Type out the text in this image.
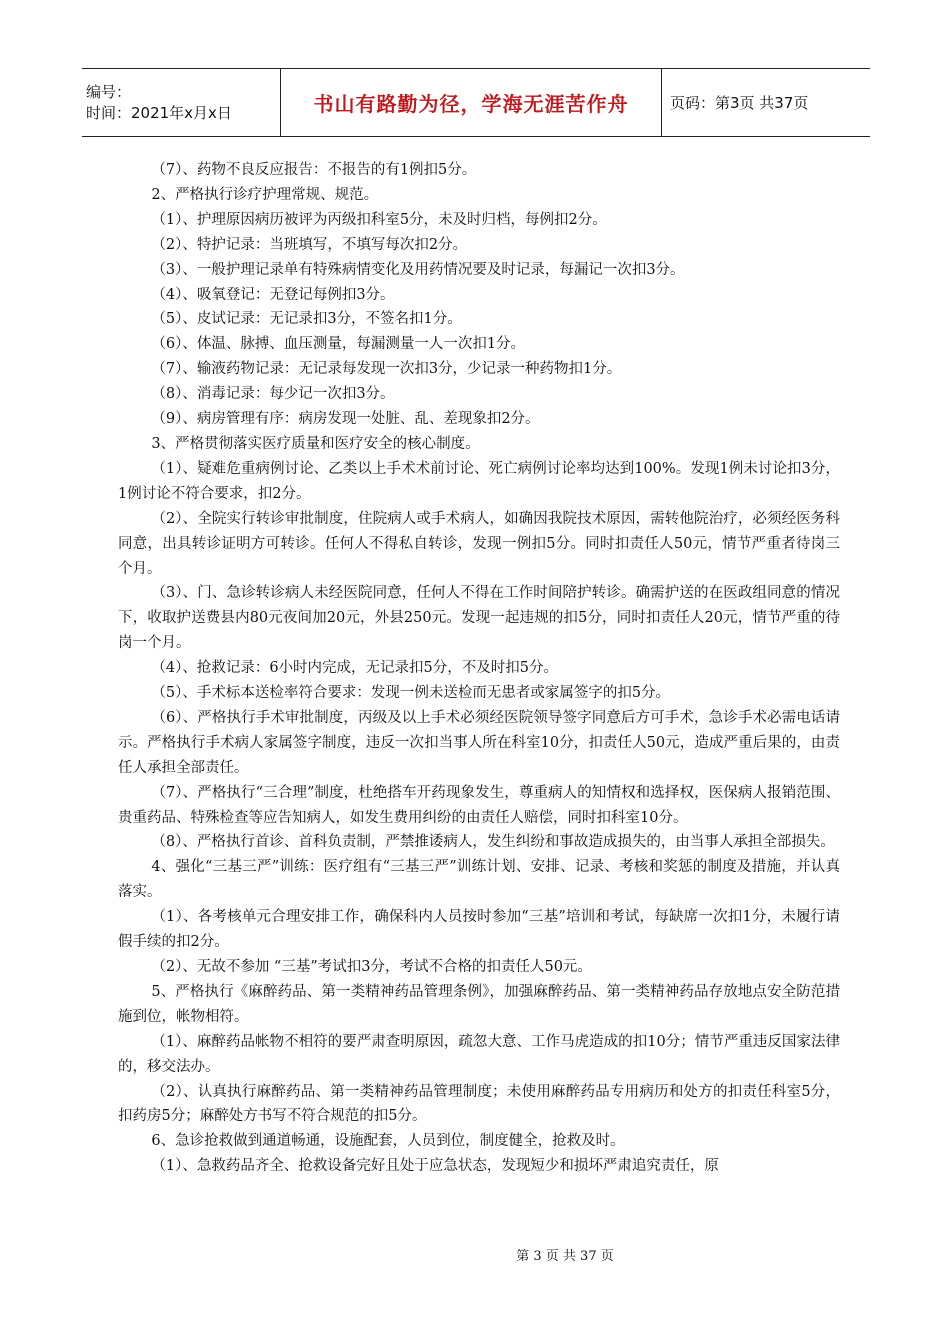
编号：
时间：2021年x月x日	书山有路勤为径，学海无涯苦作舟	页码：第3页 共37页

（7）、药物不良反应报告：不报告的有1例扣5分。

2、严格执行诊疗护理常规、规范。

（1）、护理原因病历被评为丙级扣科室5分，未及时归档，每例扣2分。

（2）、特护记录：当班填写，不填写每次扣2分。

（3）、一般护理记录单有特殊病情变化及用药情况要及时记录，每漏记一次扣3分。

（4）、吸氧登记：无登记每例扣3分。

（5）、皮试记录：无记录扣3分，不签名扣1分。

（6）、体温、脉搏、血压测量，每漏测量一人一次扣1分。

（7）、输液药物记录：无记录每发现一次扣3分，少记录一种药物扣1分。

（8）、消毒记录：每少记一次扣3分。

（9）、病房管理有序：病房发现一处脏、乱、差现象扣2分。

3、严格贯彻落实医疗质量和医疗安全的核心制度。

（1）、疑难危重病例讨论、乙类以上手术术前讨论、死亡病例讨论率均达到100%。发现1例未讨论扣3分，1例讨论不符合要求，扣2分。

（2）、全院实行转诊审批制度，住院病人或手术病人，如确因我院技术原因，需转他院治疗，必须经医务科同意，出具转诊证明方可转诊。任何人不得私自转诊，发现一例扣5分。同时扣责任人50元，情节严重者待岗三个月。

（3）、门、急诊转诊病人未经医院同意，任何人不得在工作时间陪护转诊。确需护送的在医政组同意的情况下，收取护送费县内80元夜间加20元，外县250元。发现一起违规的扣5分，同时扣责任人20元，情节严重的待岗一个月。

（4）、抢救记录：6小时内完成，无记录扣5分，不及时扣5分。

（5）、手术标本送检率符合要求：发现一例未送检而无患者或家属签字的扣5分。

（6）、严格执行手术审批制度，丙级及以上手术必须经医院领导签字同意后方可手术，急诊手术必需电话请示。严格执行手术病人家属签字制度，违反一次扣当事人所在科室10分，扣责任人50元，造成严重后果的，由责任人承担全部责任。

（7）、严格执行“三合理”制度，杜绝搭车开药现象发生，尊重病人的知情权和选择权，医保病人报销范围、贵重药品、特殊检查等应告知病人，如发生费用纠纷的由责任人赔偿，同时扣科室10分。

（8）、严格执行首诊、首科负责制，严禁推诿病人，发生纠纷和事故造成损失的，由当事人承担全部损失。

4、强化“三基三严”训练：医疗组有“三基三严”训练计划、安排、记录、考核和奖惩的制度及措施，并认真落实。

（1）、各考核单元合理安排工作，确保科内人员按时参加“三基”培训和考试，每缺席一次扣1分，未履行请假手续的扣2分。

（2）、无故不参加 “三基”考试扣3分，考试不合格的扣责任人50元。

5、严格执行《麻醉药品、第一类精神药品管理条例》，加强麻醉药品、第一类精神药品存放地点安全防范措施到位，帐物相符。

（1）、麻醉药品帐物不相符的要严肃查明原因，疏忽大意、工作马虎造成的扣10分；情节严重违反国家法律的，移交法办。

（2）、认真执行麻醉药品、第一类精神药品管理制度；未使用麻醉药品专用病历和处方的扣责任科室5分，扣药房5分；麻醉处方书写不符合规范的扣5分。

6、急诊抢救做到通道畅通，设施配套，人员到位，制度健全，抢救及时。

（1）、急救药品齐全、抢救设备完好且处于应急状态，发现短少和损坏严肃追究责任，原

第 3 页 共 37 页
